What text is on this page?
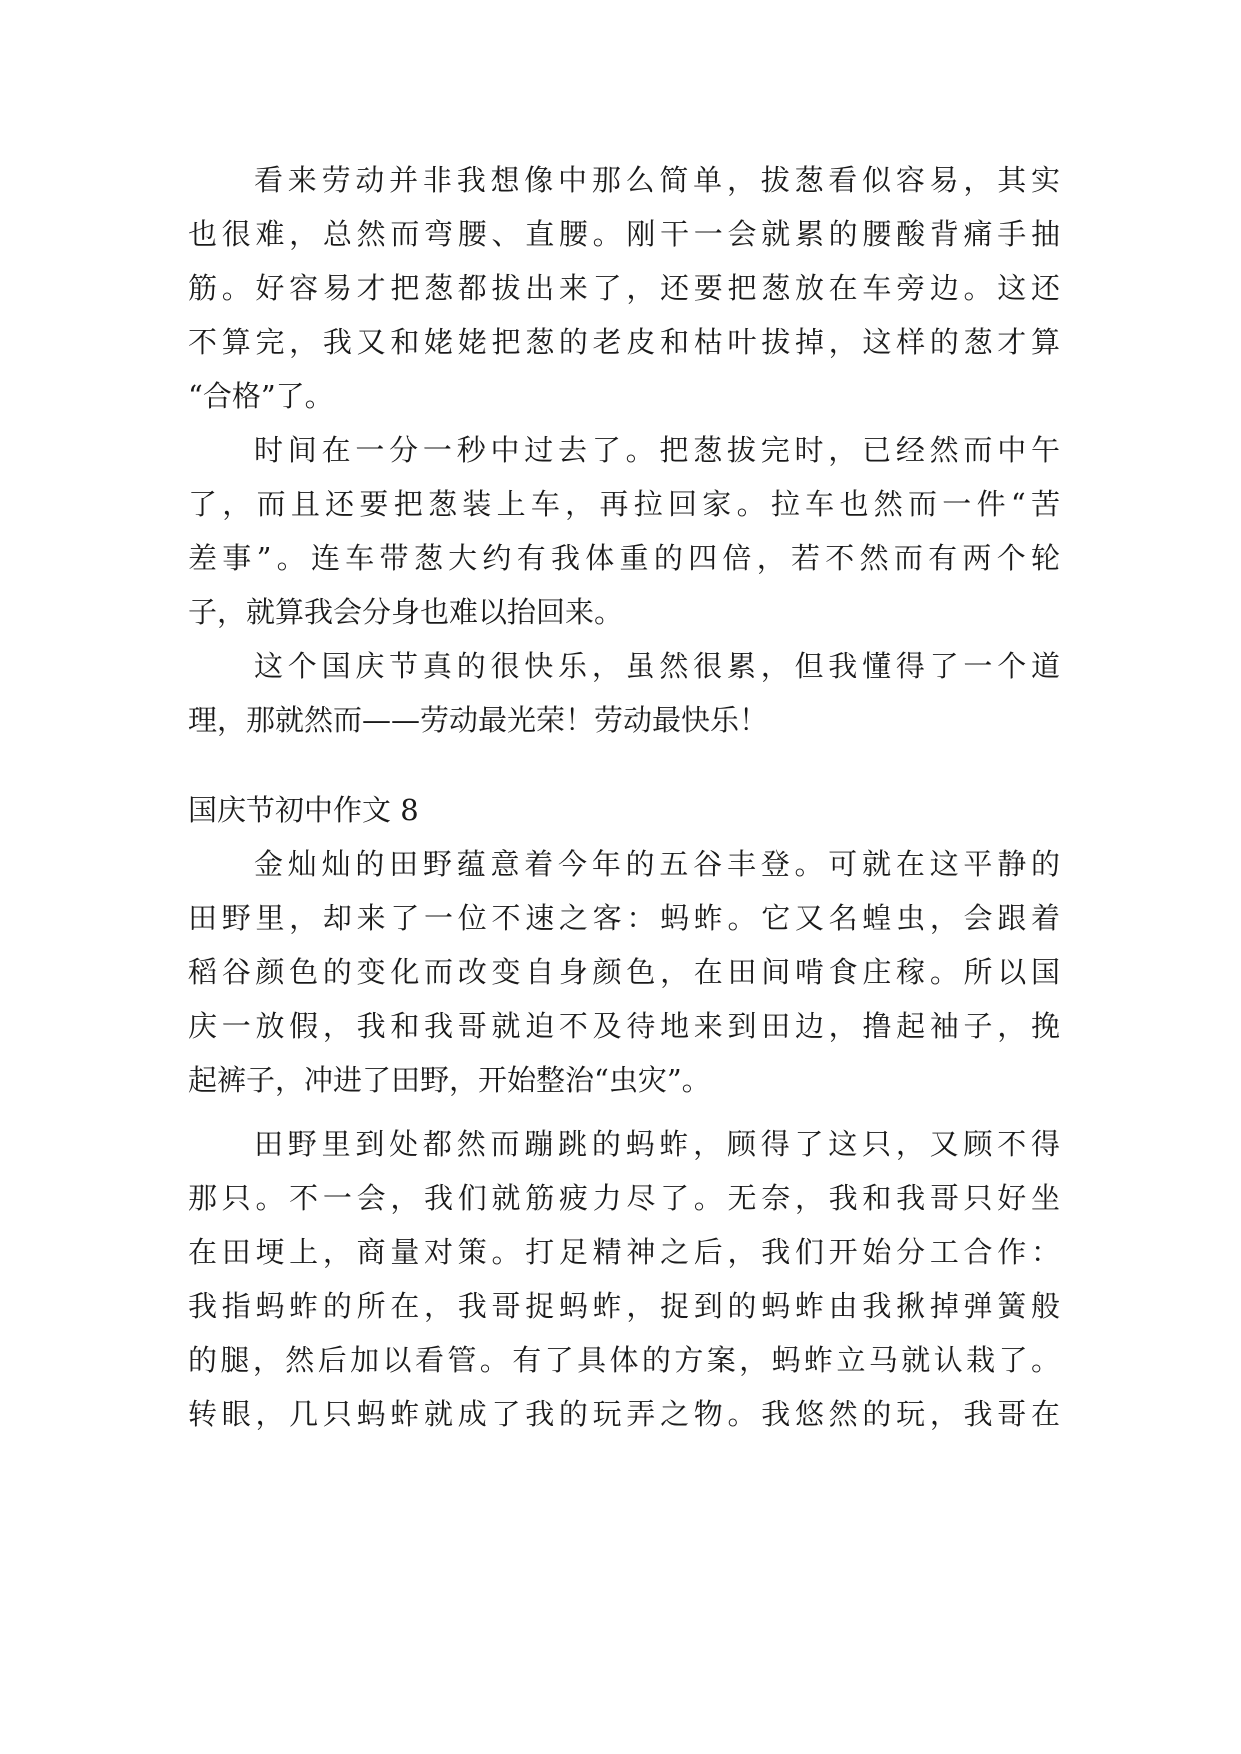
看来劳动并非我想像中那么简单，拔葱看似容易，其实
也很难，总然而弯腰、直腰。刚干一会就累的腰酸背痛手抽
筋。好容易才把葱都拔出来了，还要把葱放在车旁边。这还
不算完，我又和姥姥把葱的老皮和枯叶拔掉，这样的葱才算
“合格”了。
时间在一分一秒中过去了。把葱拔完时，已经然而中午
了，而且还要把葱装上车，再拉回家。拉车也然而一件“苦
差事”。连车带葱大约有我体重的四倍，若不然而有两个轮
子，就算我会分身也难以抬回来。
这个国庆节真的很快乐，虽然很累，但我懂得了一个道
理，那就然而——劳动最光荣！劳动最快乐！
国庆节初中作文 8
金灿灿的田野蕴意着今年的五谷丰登。可就在这平静的
田野里，却来了一位不速之客：蚂蚱。它又名蝗虫，会跟着
稻谷颜色的变化而改变自身颜色，在田间啃食庄稼。所以国
庆一放假，我和我哥就迫不及待地来到田边，撸起袖子，挽
起裤子，冲进了田野，开始整治“虫灾”。
田野里到处都然而蹦跳的蚂蚱，顾得了这只，又顾不得
那只。不一会，我们就筋疲力尽了。无奈，我和我哥只好坐
在田埂上，商量对策。打足精神之后，我们开始分工合作：
我指蚂蚱的所在，我哥捉蚂蚱，捉到的蚂蚱由我揪掉弹簧般
的腿，然后加以看管。有了具体的方案，蚂蚱立马就认栽了。
转眼，几只蚂蚱就成了我的玩弄之物。我悠然的玩，我哥在
